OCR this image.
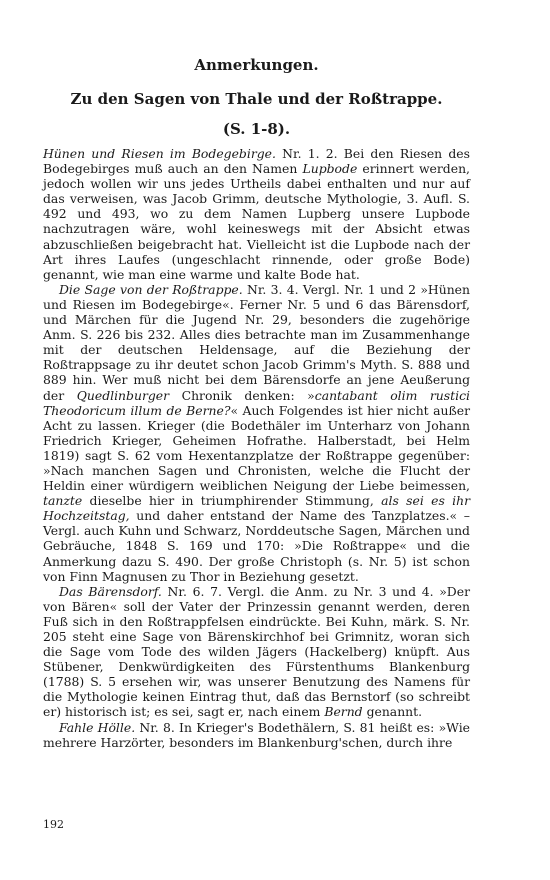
Anmerkungen.
Zu den Sagen von Thale und der Roßtrappe.
(S. 1-8).

Hünen und Riesen im Bodegebirge. Nr. 1. 2. Bei den Riesen des Bodegebirges muß auch an den Namen Lupbode erinnert werden, jedoch wollen wir uns jedes Urtheils dabei enthalten und nur auf das verweisen, was Jacob Grimm, deutsche Mythologie, 3. Aufl. S. 492 und 493, wo zu dem Namen Lupberg unsere Lupbode nachzutragen wäre, wohl keineswegs mit der Absicht etwas abzuschließen beigebracht hat. Vielleicht ist die Lupbode nach der Art ihres Laufes (ungeschlacht rinnende, oder große Bode) genannt, wie man eine warme und kalte Bode hat.

Die Sage von der Roßtrappe. Nr. 3. 4. Vergl. Nr. 1 und 2 »Hünen und Riesen im Bodegebirge«. Ferner Nr. 5 und 6 das Bärensdorf, und Märchen für die Jugend Nr. 29, besonders die zugehörige Anm. S. 226 bis 232. Alles dies betrachte man im Zusammenhange mit der deutschen Heldensage, auf die Beziehung der Roßtrappsage zu ihr deutet schon Jacob Grimm's Myth. S. 888 und 889 hin. Wer muß nicht bei dem Bärensdorfe an jene Aeußerung der Quedlinburger Chronik denken: »cantabant olim rustici Theodoricum illum de Berne?« Auch Folgendes ist hier nicht außer Acht zu lassen. Krieger (die Bodethäler im Unterharz von Johann Friedrich Krieger, Geheimen Hofrathe. Halberstadt, bei Helm 1819) sagt S. 62 vom Hexentanzplatze der Roßtrappe gegenüber: »Nach manchen Sagen und Chronisten, welche die Flucht der Heldin einer würdigern weiblichen Neigung der Liebe beimessen, tanzte dieselbe hier in triumphirender Stimmung, als sei es ihr Hochzeitstag, und daher entstand der Name des Tanzplatzes.« – Vergl. auch Kuhn und Schwarz, Norddeutsche Sagen, Märchen und Gebräuche, 1848 S. 169 und 170: »Die Roßtrappe« und die Anmerkung dazu S. 490. Der große Christoph (s. Nr. 5) ist schon von Finn Magnusen zu Thor in Beziehung gesetzt.

Das Bärensdorf. Nr. 6. 7. Vergl. die Anm. zu Nr. 3 und 4. »Der von Bären« soll der Vater der Prinzessin genannt werden, deren Fuß sich in den Roßtrappfelsen eindrückte. Bei Kuhn, märk. S. Nr. 205 steht eine Sage von Bärenskirchhof bei Grimnitz, woran sich die Sage vom Tode des wilden Jägers (Hackelberg) knüpft. Aus Stübener, Denkwürdigkeiten des Fürstenthums Blankenburg (1788) S. 5 ersehen wir, was unserer Benutzung des Namens für die Mythologie keinen Eintrag thut, daß das Bernstorf (so schreibt er) historisch ist; es sei, sagt er, nach einem Bernd genannt.

Fahle Hölle. Nr. 8. In Krieger's Bodethälern, S. 81 heißt es: »Wie mehrere Harzörter, besonders im Blankenburg'schen, durch ihre

192
